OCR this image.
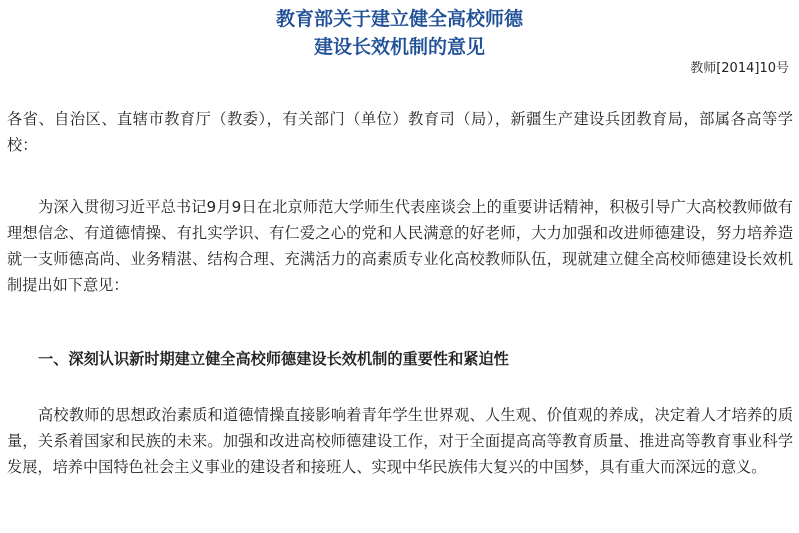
教育部关于建立健全高校师德
建设长效机制的意见
教师[2014]10号
各省、自治区、直辖市教育厅（教委），有关部门（单位）教育司（局），新疆生产建设兵团教育局，部属各高等学校：
为深入贯彻习近平总书记9月9日在北京师范大学师生代表座谈会上的重要讲话精神，积极引导广大高校教师做有理想信念、有道德情操、有扎实学识、有仁爱之心的党和人民满意的好老师，大力加强和改进师德建设，努力培养造就一支师德高尚、业务精湛、结构合理、充满活力的高素质专业化高校教师队伍，现就建立健全高校师德建设长效机制提出如下意见：
一、深刻认识新时期建立健全高校师德建设长效机制的重要性和紧迫性
高校教师的思想政治素质和道德情操直接影响着青年学生世界观、人生观、价值观的养成，决定着人才培养的质量，关系着国家和民族的未来。加强和改进高校师德建设工作，对于全面提高高等教育质量、推进高等教育事业科学发展，培养中国特色社会主义事业的建设者和接班人、实现中华民族伟大复兴的中国梦，具有重大而深远的意义。
